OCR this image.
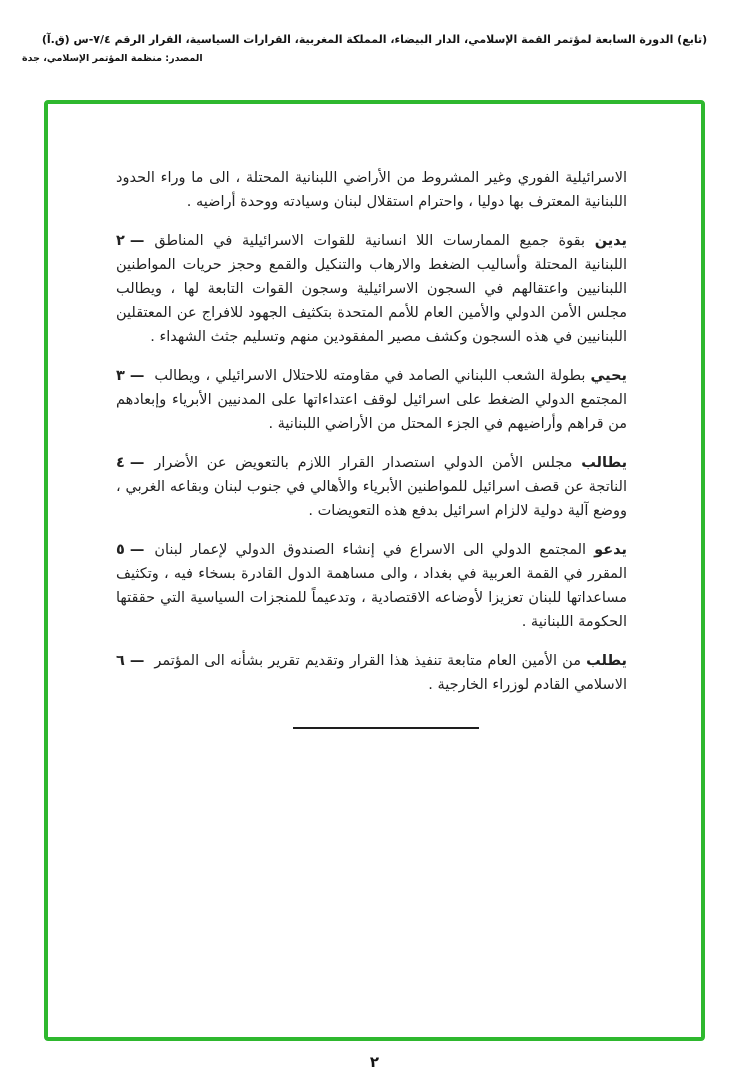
(تابع) الدورة السابعة لمؤتمر القمة الإسلامي، الدار البيضاء، المملكة المغربية، القرارات السياسية، القرار الرقم ٧/٤-س (ق.آ)
المصدر: منظمة المؤتمر الإسلامي، جدة
الاسرائيلية الفوري وغير المشروط من الأراضي اللبنانية المحتلة ، الى ما وراء الحدود اللبنانية المعترف بها دوليا ، واحترام استقلال لبنان وسيادته ووحدة أراضيه .
٢ —	يدين بقوة جميع الممارسات اللا انسانية للقوات الاسرائيلية في المناطق اللبنانية المحتلة وأساليب الضغط والارهاب والتنكيل والقمع وحجز حريات المواطنين اللبنانيين واعتقالهم في السجون الاسرائيلية وسجون القوات التابعة لها ، ويطالب مجلس الأمن الدولي والأمين العام للأمم المتحدة بتكثيف الجهود للافراج عن المعتقلين اللبنانيين في هذه السجون وكشف مصير المفقودين منهم وتسليم جثث الشهداء .
٣ —	يحيي بطولة الشعب اللبناني الصامد في مقاومته للاحتلال الاسرائيلي ، ويطالب المجتمع الدولي الضغط على اسرائيل لوقف اعتداءاتها على المدنيين الأبرياء وإبعادهم من قراهم وأراضيهم في الجزء المحتل من الأراضي اللبنانية .
٤ —	يطالب مجلس الأمن الدولي استصدار القرار اللازم بالتعويض عن الأضرار الناتجة عن قصف اسرائيل للمواطنين الأبرياء والأهالي في جنوب لبنان وبقاعه الغربي ، ووضع آلية دولية لالزام اسرائيل بدفع هذه التعويضات .
٥ —	يدعو المجتمع الدولي الى الاسراع في إنشاء الصندوق الدولي لإعمار لبنان المقرر في القمة العربية في بغداد ، والى مساهمة الدول القادرة بسخاء فيه ، وتكثيف مساعداتها للبنان تعزيزا لأوضاعه الاقتصادية ، وتدعيماً للمنجزات السياسية التي حققتها الحكومة اللبنانية .
٦ —	يطلب من الأمين العام متابعة تنفيذ هذا القرار وتقديم تقرير بشأنه الى المؤتمر الاسلامي القادم لوزراء الخارجية .
٢
